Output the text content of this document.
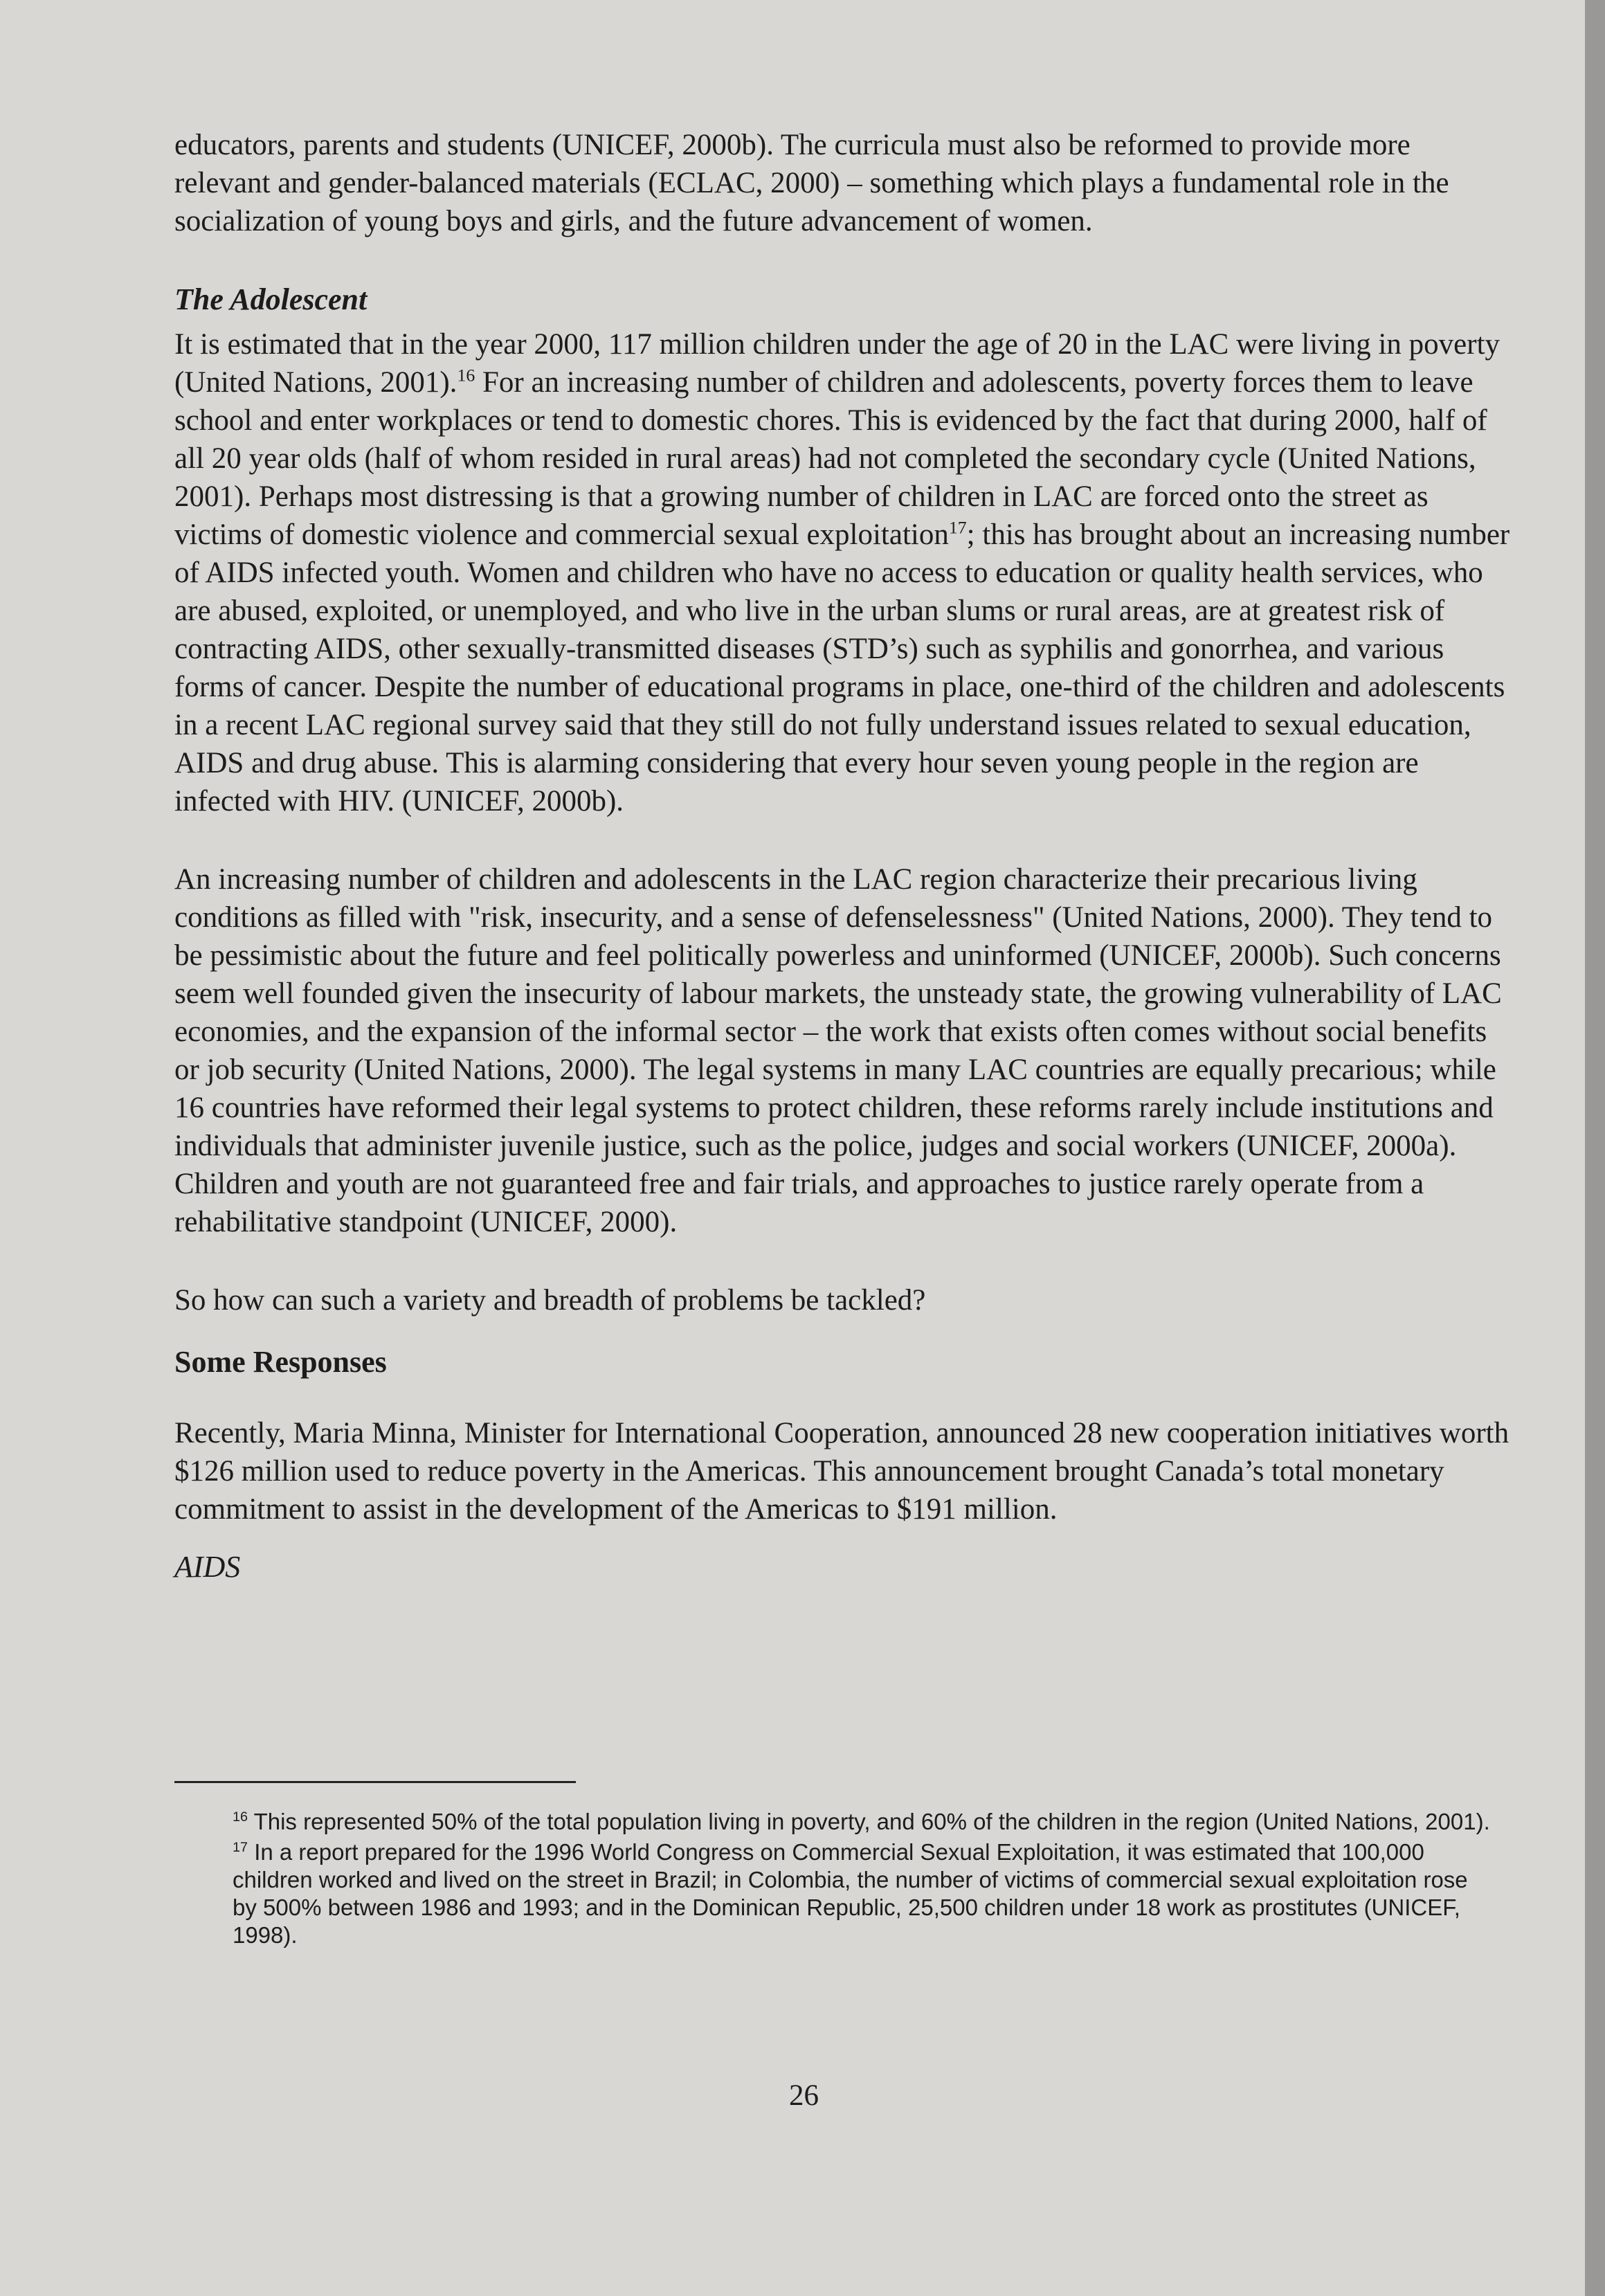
educators, parents and students (UNICEF, 2000b). The curricula must also be reformed to provide more relevant and gender-balanced materials (ECLAC, 2000) – something which plays a fundamental role in the socialization of young boys and girls, and the future advancement of women.

The Adolescent

It is estimated that in the year 2000, 117 million children under the age of 20 in the LAC were living in poverty (United Nations, 2001).$^{16}$ For an increasing number of children and adolescents, poverty forces them to leave school and enter workplaces or tend to domestic chores. This is evidenced by the fact that during 2000, half of all 20 year olds (half of whom resided in rural areas) had not completed the secondary cycle (United Nations, 2001). Perhaps most distressing is that a growing number of children in LAC are forced onto the street as victims of domestic violence and commercial sexual exploitation$^{17}$; this has brought about an increasing number of AIDS infected youth. Women and children who have no access to education or quality health services, who are abused, exploited, or unemployed, and who live in the urban slums or rural areas, are at greatest risk of contracting AIDS, other sexually-transmitted diseases (STD’s) such as syphilis and gonorrhea, and various forms of cancer. Despite the number of educational programs in place, one-third of the children and adolescents in a recent LAC regional survey said that they still do not fully understand issues related to sexual education, AIDS and drug abuse. This is alarming considering that every hour seven young people in the region are infected with HIV. (UNICEF, 2000b).

An increasing number of children and adolescents in the LAC region characterize their precarious living conditions as filled with "risk, insecurity, and a sense of defenselessness" (United Nations, 2000). They tend to be pessimistic about the future and feel politically powerless and uninformed (UNICEF, 2000b). Such concerns seem well founded given the insecurity of labour markets, the unsteady state, the growing vulnerability of LAC economies, and the expansion of the informal sector – the work that exists often comes without social benefits or job security (United Nations, 2000). The legal systems in many LAC countries are equally precarious; while 16 countries have reformed their legal systems to protect children, these reforms rarely include institutions and individuals that administer juvenile justice, such as the police, judges and social workers (UNICEF, 2000a). Children and youth are not guaranteed free and fair trials, and approaches to justice rarely operate from a rehabilitative standpoint (UNICEF, 2000).

So how can such a variety and breadth of problems be tackled?

Some Responses

Recently, Maria Minna, Minister for International Cooperation, announced 28 new cooperation initiatives worth $126 million used to reduce poverty in the Americas. This announcement brought Canada’s total monetary commitment to assist in the development of the Americas to $191 million.

AIDS

$^{16}$ This represented 50% of the total population living in poverty, and 60% of the children in the region (United Nations, 2001).

$^{17}$ In a report prepared for the 1996 World Congress on Commercial Sexual Exploitation, it was estimated that 100,000 children worked and lived on the street in Brazil; in Colombia, the number of victims of commercial sexual exploitation rose by 500% between 1986 and 1993; and in the Dominican Republic, 25,500 children under 18 work as prostitutes (UNICEF, 1998).

26
